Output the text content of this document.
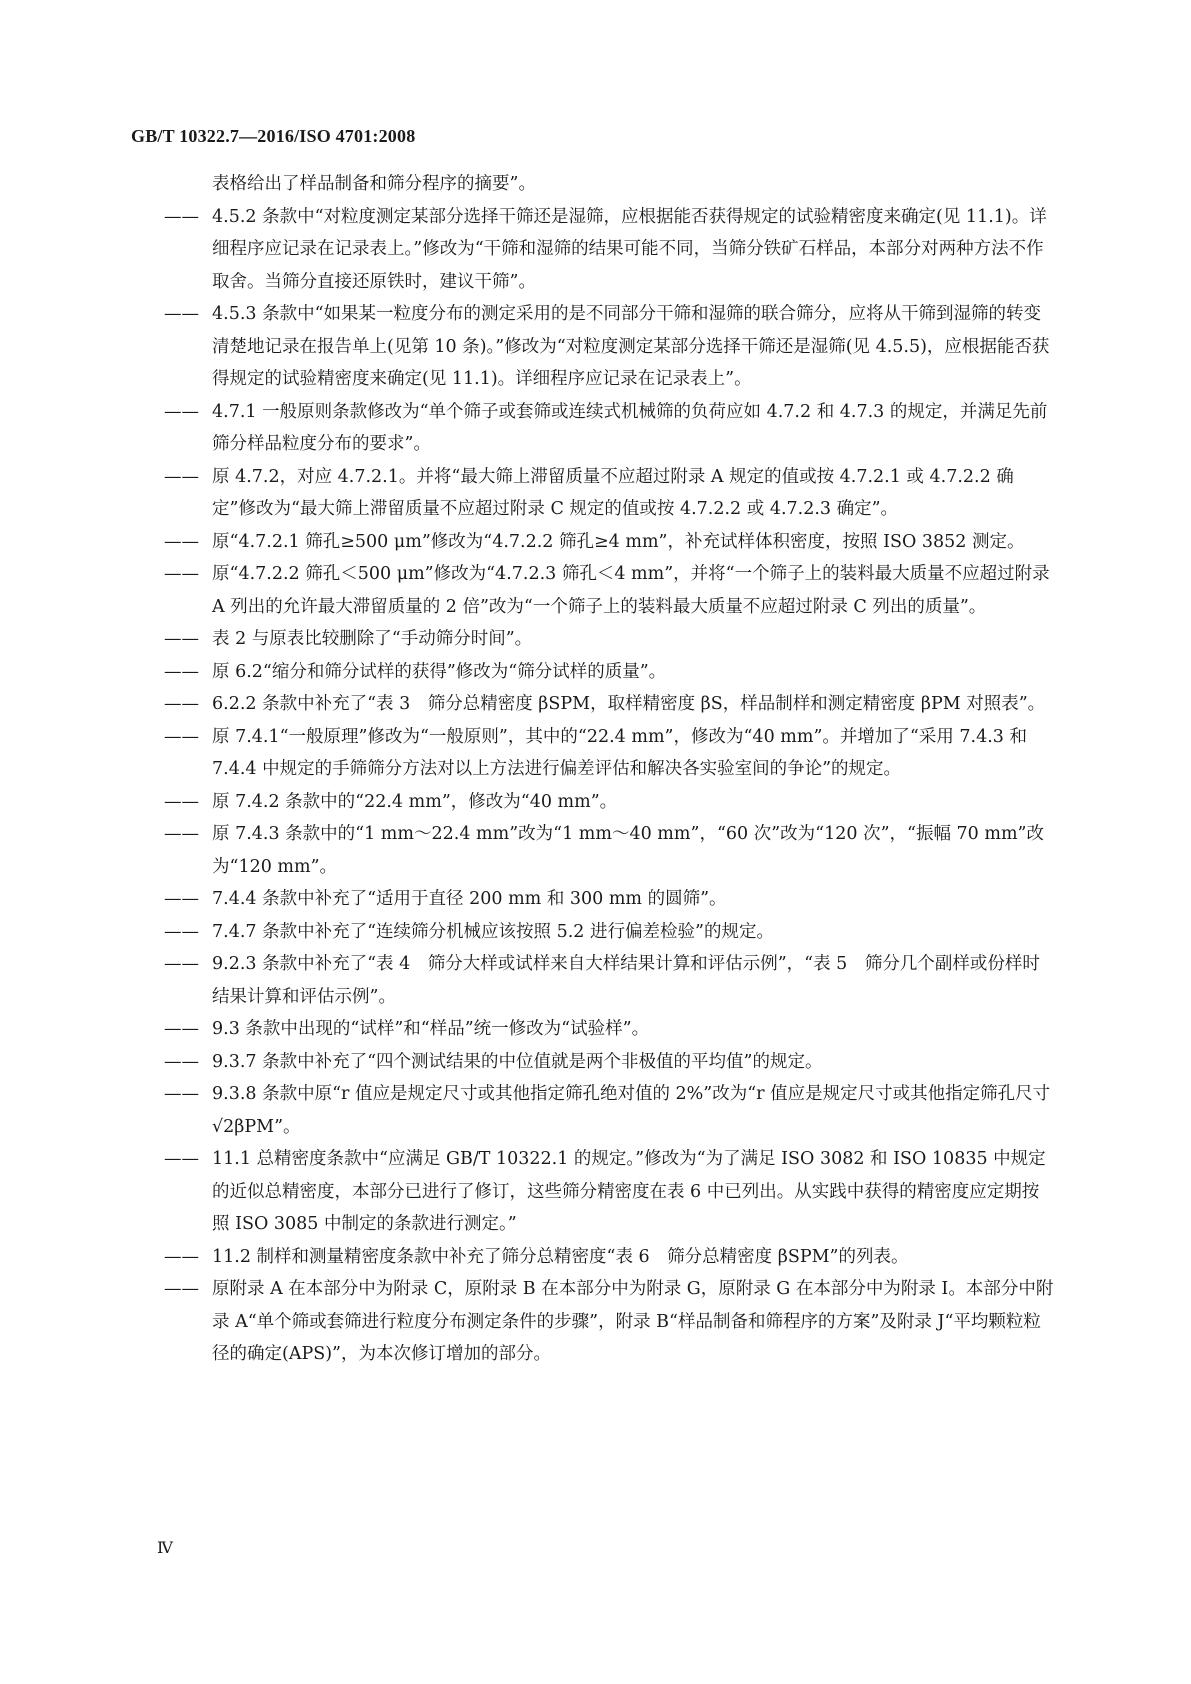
GB/T 10322.7—2016/ISO 4701:2008
表格给出了样品制备和筛分程序的摘要”。
—— 4.5.2 条款中“对粒度测定某部分选择干筛还是湿筛，应根据能否获得规定的试验精密度来确定(见 11.1)。详细程序应记录在记录表上。”修改为“干筛和湿筛的结果可能不同，当筛分铁矿石样品，本部分对两种方法不作取舍。当筛分直接还原铁时，建议干筛”。
—— 4.5.3 条款中“如果某一粒度分布的测定采用的是不同部分干筛和湿筛的联合筛分，应将从干筛到湿筛的转变清楚地记录在报告单上(见第 10 条)。”修改为“对粒度测定某部分选择干筛还是湿筛(见 4.5.5)，应根据能否获得规定的试验精密度来确定(见 11.1)。详细程序应记录在记录表上”。
—— 4.7.1 一般原则条款修改为“单个筛子或套筛或连续式机械筛的负荷应如 4.7.2 和 4.7.3 的规定，并满足先前筛分样品粒度分布的要求”。
—— 原 4.7.2，对应 4.7.2.1。并将“最大筛上滞留质量不应超过附录 A 规定的值或按 4.7.2.1 或 4.7.2.2 确定”修改为“最大筛上滞留质量不应超过附录 C 规定的值或按 4.7.2.2 或 4.7.2.3 确定”。
—— 原“4.7.2.1 筛孔≥500 μm”修改为“4.7.2.2 筛孔≥4 mm”，补充试样体积密度，按照 ISO 3852 测定。
—— 原“4.7.2.2 筛孔＜500 μm”修改为“4.7.2.3 筛孔＜4 mm”，并将“一个筛子上的装料最大质量不应超过附录 A 列出的允许最大滞留质量的 2 倍”改为“一个筛子上的装料最大质量不应超过附录 C 列出的质量”。
—— 表 2 与原表比较删除了“手动筛分时间”。
—— 原 6.2“缩分和筛分试样的获得”修改为“筛分试样的质量”。
—— 6.2.2 条款中补充了“表 3　筛分总精密度 βSPM，取样精密度 βS，样品制样和测定精密度 βPM 对照表”。
—— 原 7.4.1“一般原理”修改为“一般原则”，其中的“22.4 mm”，修改为“40 mm”。并增加了“采用 7.4.3 和 7.4.4 中规定的手筛筛分方法对以上方法进行偏差评估和解决各实验室间的争论”的规定。
—— 原 7.4.2 条款中的“22.4 mm”，修改为“40 mm”。
—— 原 7.4.3 条款中的“1 mm～22.4 mm”改为“1 mm～40 mm”，“60 次”改为“120 次”，“振幅 70 mm”改为“120 mm”。
—— 7.4.4 条款中补充了“适用于直径 200 mm 和 300 mm 的圆筛”。
—— 7.4.7 条款中补充了“连续筛分机械应该按照 5.2 进行偏差检验”的规定。
—— 9.2.3 条款中补充了“表 4　筛分大样或试样来自大样结果计算和评估示例”，“表 5　筛分几个副样或份样时结果计算和评估示例”。
—— 9.3 条款中出现的“试样”和“样品”统一修改为“试验样”。
—— 9.3.7 条款中补充了“四个测试结果的中位值就是两个非极值的平均值”的规定。
—— 9.3.8 条款中原“r 值应是规定尺寸或其他指定筛孔绝对值的 2%”改为“r 值应是规定尺寸或其他指定筛孔尺寸√2βPM”。
—— 11.1 总精密度条款中“应满足 GB/T 10322.1 的规定。”修改为“为了满足 ISO 3082 和 ISO 10835 中规定的近似总精密度，本部分已进行了修订，这些筛分精密度在表 6 中已列出。从实践中获得的精密度应定期按照 ISO 3085 中制定的条款进行测定。”
—— 11.2 制样和测量精密度条款中补充了筛分总精密度“表 6　筛分总精密度 βSPM”的列表。
—— 原附录 A 在本部分中为附录 C，原附录 B 在本部分中为附录 G，原附录 G 在本部分中为附录 I。本部分中附录 A“单个筛或套筛进行粒度分布测定条件的步骤”，附录 B“样品制备和筛程序的方案”及附录 J“平均颗粒粒径的确定(APS)”，为本次修订增加的部分。
Ⅳ
